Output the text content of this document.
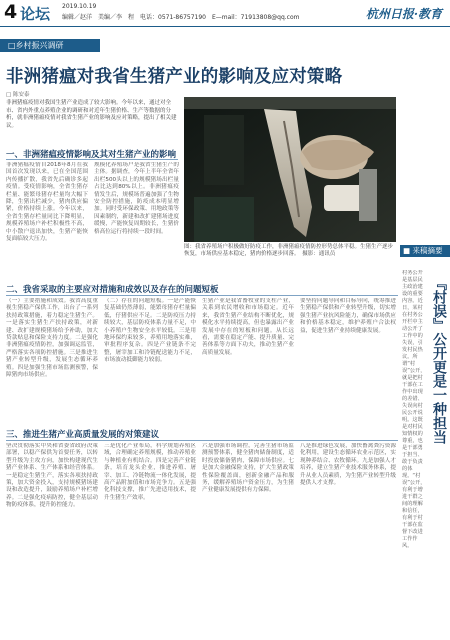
4 论坛 2019.10.19
编辑／赵洋　美编／李　程　电话：0571-86757190　E—mail：71913808@qq.com	杭州日报·教育
□乡村振兴调研
非洲猪瘟对我省生猪产业的影响及应对策略
□ 陈安泰
非洲猪瘟疫情对我国生猪产业造成了较大影响。今年以来，通过对全市、省内外重点养殖企业的调研和对近年生猪价格、生产等数据的分析，就非洲猪瘟疫情对我省生猪产业的影响及应对策略，提出了相关建议。
一、非洲猪瘟疫情影响及其对生猪产业的影响
非洲猪瘟疫情自2018年8月在我国首次发现以来，已在全国范围内传播扩散，我省先后确诊多起疫情。受疫情影响，全省生猪存栏量、能繁母猪存栏量均大幅下降，生猪出栏减少，猪肉供应偏紧，价格持续上涨。今年以来，全省生猪存栏量同比下降明显，规模养殖场户补栏积极性不高，中小散户退出加快，生猪产能恢复面临较大压力。
规模化养殖场户是我省生猪生产的主体。据调查，今年上半年全省年出栏500头以上的规模猪场出栏量占比达到80%以上。非洲猪瘟疫情发生后，规模场普遍加强了生物安全防控措施，防疫成本明显增加。同时受环保政策、用地政策等因素制约，新建和改扩建猪场进度缓慢，产能恢复周期较长，生猪价格高位运行将持续一段时间。
图：我省养殖场户积极做好防疫工作，非洲猪瘟疫情防控形势总体平稳。生猪生产逐步恢复，市场供应基本稳定，猪肉价格逐步回落。　摄影：通讯员
二、我省采取的主要应对措施和成效以及存在的问题短板
（一）主要措施和成效。我省高度重视生猪稳产保供工作，出台了一系列扶持政策措施，着力稳定生猪生产。一是落实生猪生产扶持政策，对新建、改扩建规模猪场给予补助，加大贷款贴息和保险支持力度。二是强化非洲猪瘟疫情防控，加强调运监管，严格落实各项防控措施。三是推进生猪产业转型升级，发展生态循环养殖。四是加强生猪市场监测预警，保障猪肉市场供应。
（二）存在的问题短板。一是产能恢复基础仍然薄弱，能繁母猪存栏量偏低，仔猪供应不足。二是防疫压力持续较大，基层防疫体系力量不足，中小养殖户生物安全水平较低。三是用地环保约束较多，养殖用地落实难，审批程序复杂。四是产业链条不完整，屠宰加工和冷链配送能力不足，市场波动抵御能力较弱。
生猪产业是我省畜牧业的支柱产业，关系到农民增收和市场稳定。近年来，我省生猪产业结构不断优化，规模化水平持续提高，但也暴露出产业发展中存在的短板和问题。从长远看，需要在稳定产能、提升质量、完善体系等方面下功夫，推动生猪产业高质量发展。
要坚持问题导向和目标导向，统筹推进生猪稳产保供和产业转型升级，切实增强生猪产业抗风险能力，确保市场供应和价格基本稳定，维护养殖户合法权益，促进生猪产业持续健康发展。
三、推进生猪产业高质量发展的对策建议
坚决贯彻落实中央和省委省政府决策部署，以稳产保供为首要任务，以转型升级为主攻方向，加快构建现代生猪产业体系、生产体系和经营体系。一是稳定生猪生产，落实各项扶持政策，加大资金投入，支持规模猪场建设和改造提升，鼓励养殖场户补栏增养。二是强化疫病防控，健全基层动物防疫体系，提升防控能力。
三是优化产业布局，科学规划养殖区域，合理确定养殖规模，推动养殖业与种植业有机结合。四是完善产业链条，培育龙头企业，推进养殖、屠宰、加工、冷链物流一体化发展，提高产品附加值和市场竞争力。五是强化科技支撑，推广先进适用技术，提升生猪生产效率。
六是加强市场调控，完善生猪市场监测预警体系，健全猪肉储备制度，适时投放储备猪肉，保障市场供应。七是加大金融保险支持，扩大生猪政策性保险覆盖面，创新金融产品和服务，缓解养殖场户资金压力，为生猪产业健康发展提供有力保障。
八是推进绿色发展，加快畜禽粪污资源化利用，建设生态循环农业示范区，实现种养结合、农牧循环。九是加强人才培养，建立生猪产业技术服务体系，提升从业人员素质，为生猪产业转型升级提供人才支撑。
■ 来稿摘要
村务公开是基层民主政治建设的重要内容。近日，某村在村务公开栏中主动公开了工作中的失误，引发村民热议。所谓“村误”公开，就是把村干部在工作中出现的差错、失误向村民公开说明。这既是对村民知情权的尊重，也是干部勇于担当、敢于负责的体现。“村误”公开，有利于增进干群之间的理解和信任，有利于村干部在监督下改进工作作风。
『村误』公开更是一种担当
